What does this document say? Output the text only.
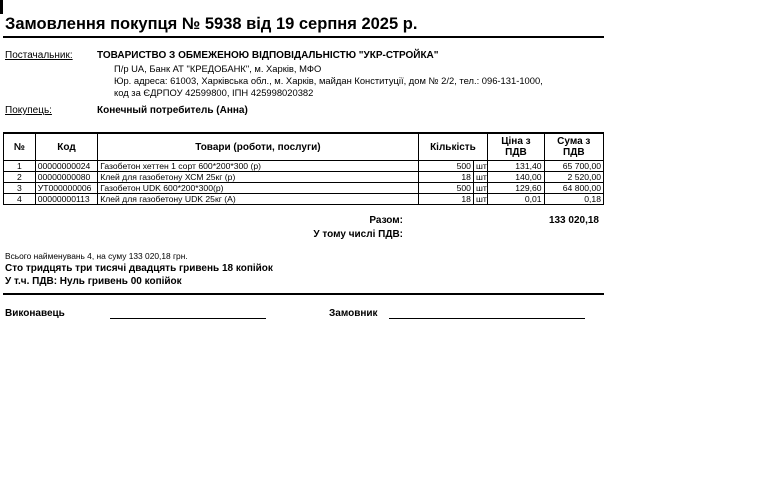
Замовлення покупця № 5938 від 19 серпня 2025 р.
Постачальник: ТОВАРИСТВО З ОБМЕЖЕНОЮ ВІДПОВІДАЛЬНІСТЮ "УКР-СТРОЙКА"
П/р UA, Банк АТ "КРЕДОБАНК", м. Харків, МФО
Юр. адреса: 61003, Харківська обл., м. Харків, майдан Конституції, дом № 2/2, тел.: 096-131-1000,
код за ЄДРПОУ 42599800, ІПН 425998020382
Покупець:	Конечный потребитель (Анна)
№	Код	Товари (роботи, послуги)	Кількість		Ціна з ПДВ	Сума з ПДВ
1	00000000024	Газобетон хеттен 1 сорт 600*200*300 (р)	500	шт	131,40	65 700,00
2	00000000080	Клей для газобетону ХСМ 25кг (р)	18	шт	140,00	2 520,00
3	УТ000000006	Газобетон UDK 600*200*300(р)	500	шт	129,60	64 800,00
4	00000000113	Клей для газобетону UDK 25кг (А)	18	шт	0,01	0,18
Разом:	133 020,18
У тому числі ПДВ:
Всього найменувань 4, на суму 133 020,18 грн.
Сто тридцять три тисячі двадцять гривень 18 копійок
У т.ч. ПДВ: Нуль гривень 00 копійок
Виконавець	Замовник
